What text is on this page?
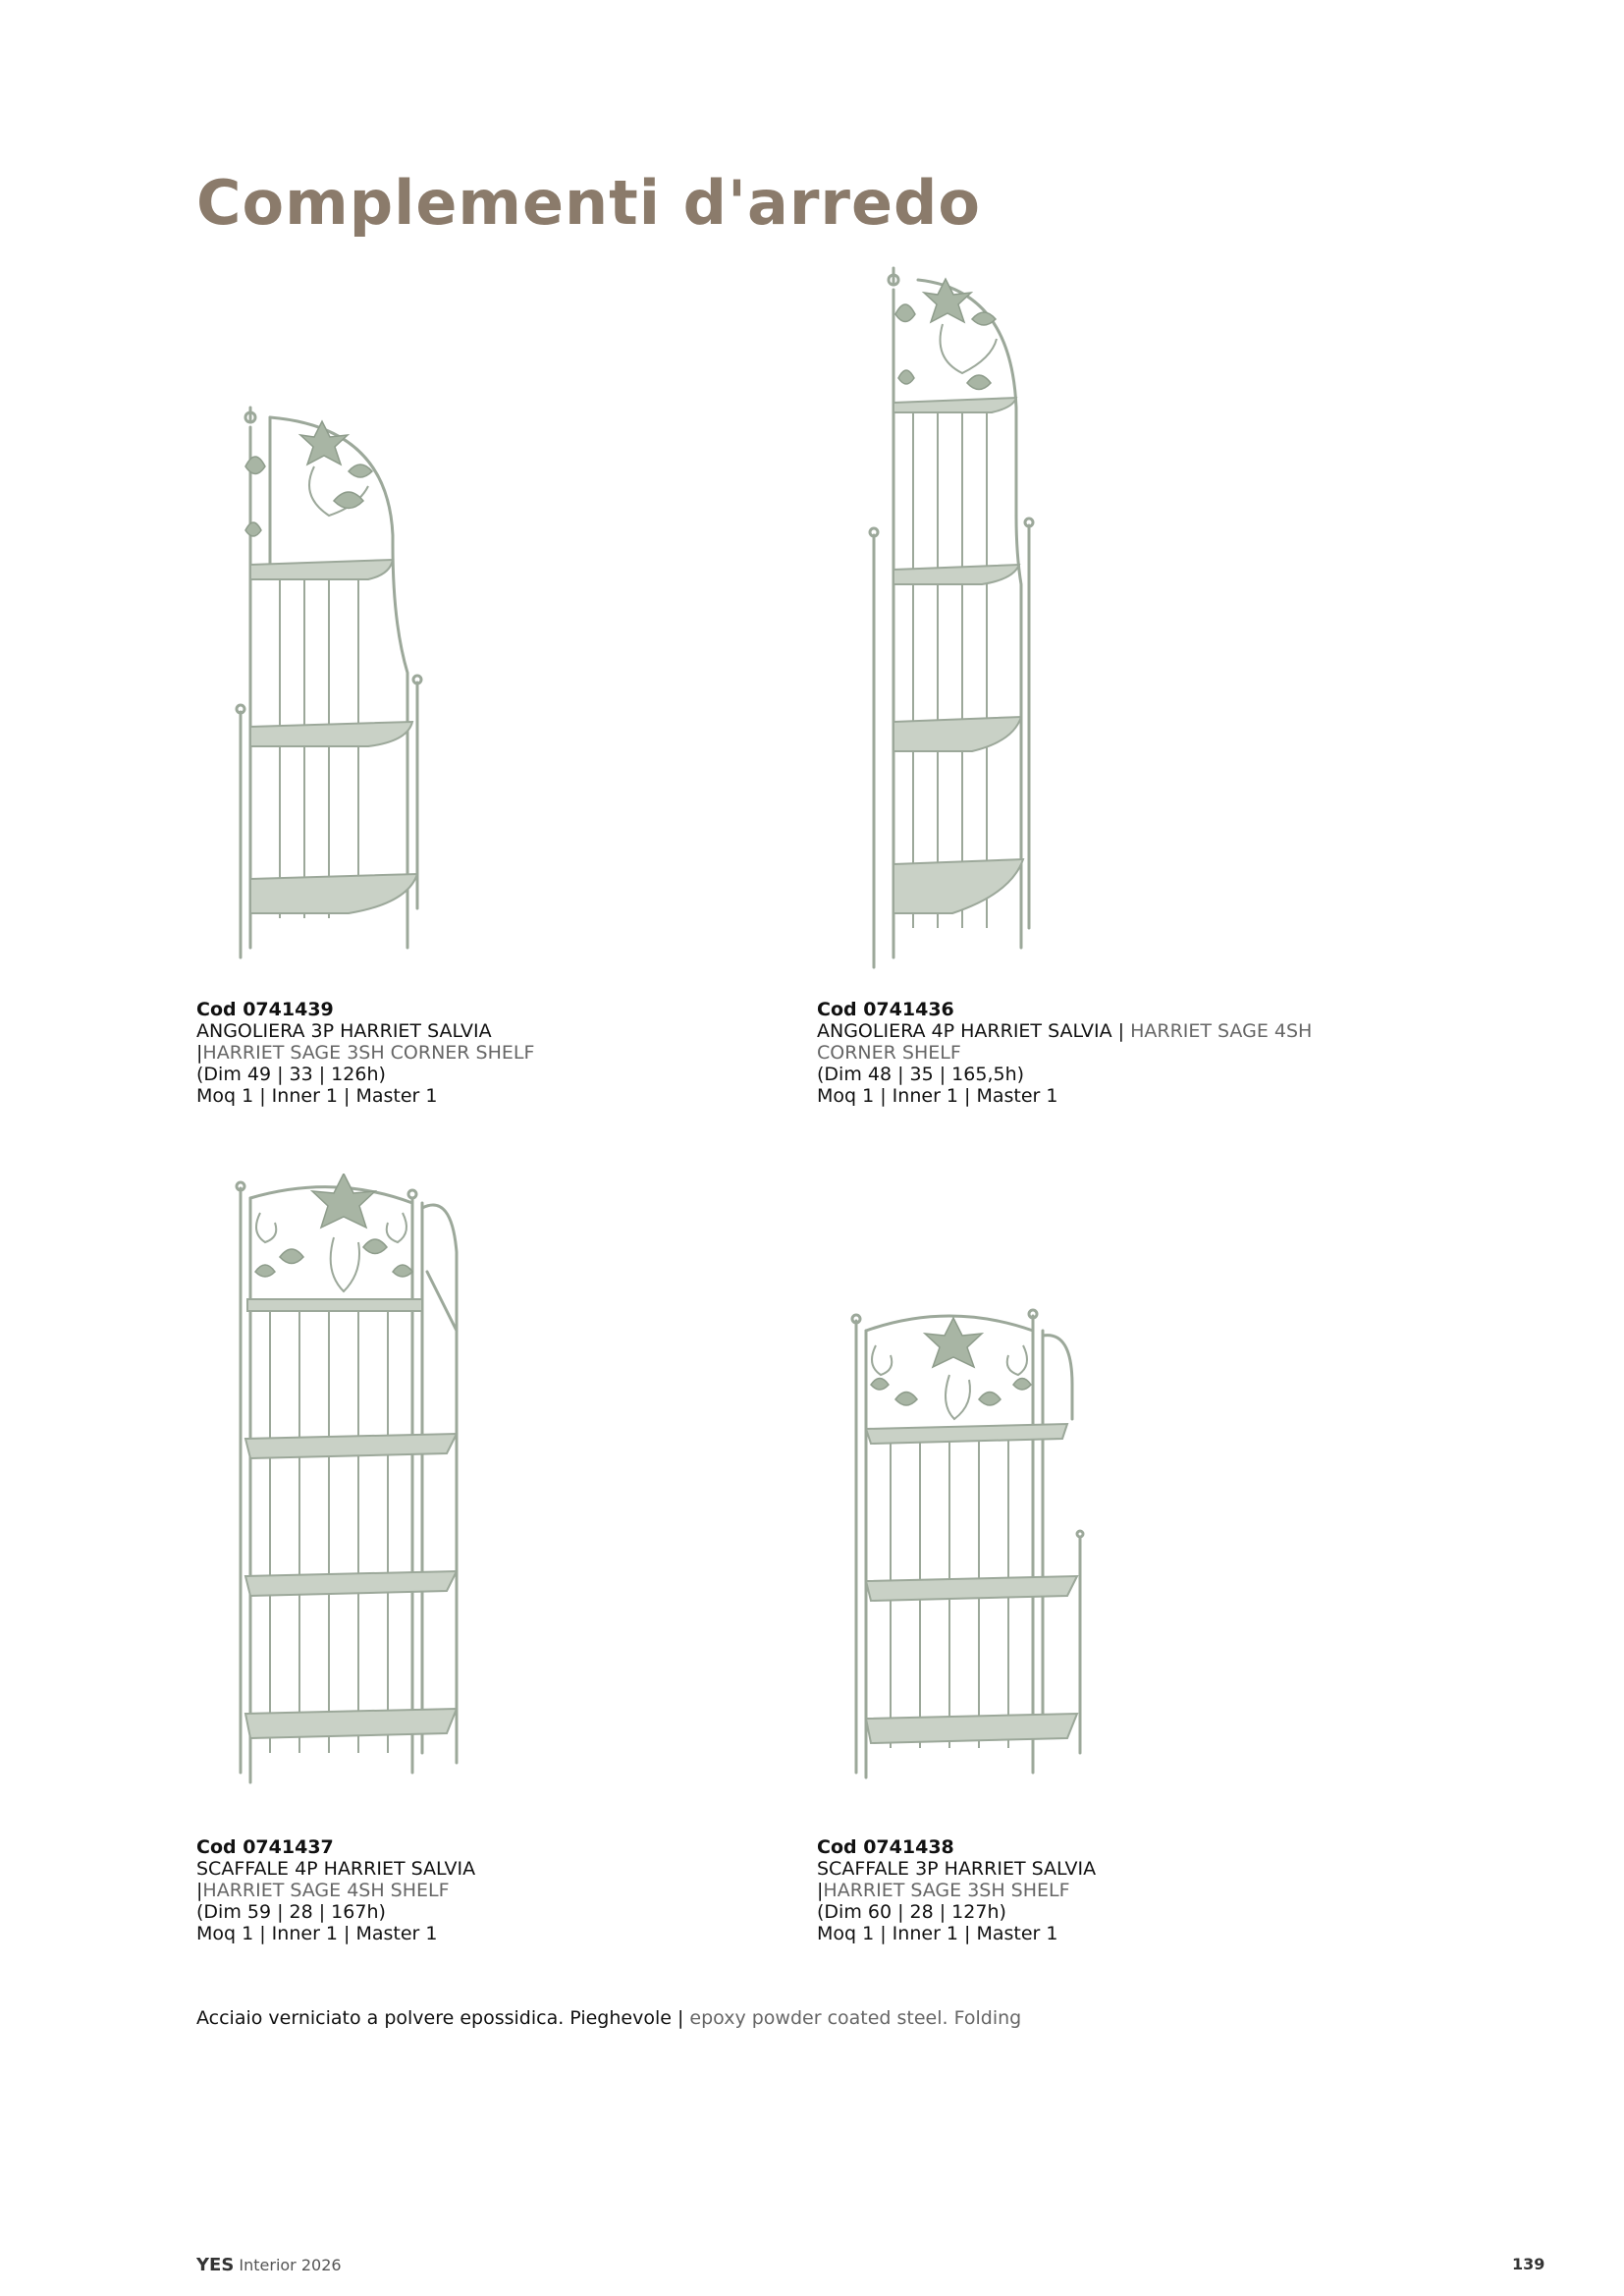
Complementi d'arredo
Cod 0741439
ANGOLIERA 3P HARRIET SALVIA
|HARRIET SAGE 3SH CORNER SHELF
(Dim 49 | 33 | 126h)
Moq 1 | Inner 1 | Master 1
Cod 0741436
ANGOLIERA 4P HARRIET SALVIA | HARRIET SAGE 4SH CORNER SHELF
(Dim 48 | 35 | 165,5h)
Moq 1 | Inner 1 | Master 1
Cod 0741437
SCAFFALE 4P HARRIET SALVIA
|HARRIET SAGE 4SH SHELF
(Dim 59 | 28 | 167h)
Moq 1 | Inner 1 | Master 1
Cod 0741438
SCAFFALE 3P HARRIET SALVIA
|HARRIET SAGE 3SH SHELF
(Dim 60 | 28 | 127h)
Moq 1 | Inner 1 | Master 1
Acciaio verniciato a polvere epossidica. Pieghevole | epoxy powder coated steel. Folding
YES Interior 2026	139
